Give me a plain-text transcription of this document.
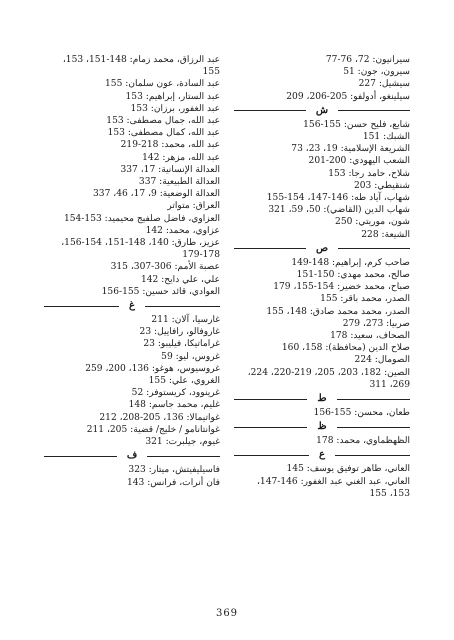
سيرانيون: 72، 76-77
سيرون، جون: 51
سيشيل: 227
سيلينغو، أدولفو: 205-206، 209
ش
شايع، فليح حسن: 155-156
الشبك: 151
الشريعة الإسلامية: 19، 23، 73
الشعب اليهودي: 200-201
شلاح، حامد رجا: 153
شنقيطي: 203
شهاب، آياد طه: 146-147، 154-155
شهاب الدين (القاضي): 50، 59، 321
شون، موريتي: 250
الشيعة: 228
ص
صاحب كرم، إبراهيم: 148-149
صالح، محمد مهدي: 150-151
صباح، محمد خضير: 154-155، 179
الصدر، محمد باقر: 155
الصدر، محمد محمد صادق: 148، 155
صربيا: 273، 279
الصحاف، سعيد: 178
صلاح الدين (محافظة): 158، 160
الصومال: 224
الصين: 182، 203، 205، 219-220، 224، 269، 311
ط
طعان، محسن: 155-156
ظ
الظهظماوي، محمد: 178
ع
العاني، طاهر توفيق يوسف: 145
العاني، عبد الغني عبد الغفور: 146-147، 153، 155
عبد الرزاق، محمد زمام: 148-151، 153، 155
عبد السادة، عون سلمان: 155
عبد الستار، إبراهيم: 153
عبد الغفور، برزان: 153
عبد الله، جمال مصطفى: 153
عبد الله، كمال مصطفى: 153
عبد الله، محمد: 218-219
عبد الله، مزهر: 142
العدالة الإنسانية: 17، 337
العدالة الطبيعية: 337
العدالة الوضعية: 9، 17، 46، 337
العراق: متواتر
العزاوي، فاضل صلفيج محيميد: 153-154
عزاوي، محمد: 142
عزيز، طارق: 140، 148-151، 154-156، 178-179
عصبة الأمم: 306-307، 315
علي، علي دايح: 142
العوادي، قائد حسين: 155-156
غ
غارسيا، آلان: 211
غاروفالو، رافاييل: 23
غراماتيكا، فيليبو: 23
غروس، ليو: 59
غروسيوس، هوغو: 136، 200، 259
الغروي، علي: 155
غرينوود، كريستوفر: 52
غليم، محمد جاسم: 148
غواتيمالا: 136، 205-208، 212
غوانتانامو / خليج/ قضية: 205، 211
غيوم، جيلبرت: 321
ف
فاسيليفيتش، ميتار: 323
فان أنرات، فرانس: 143
369
